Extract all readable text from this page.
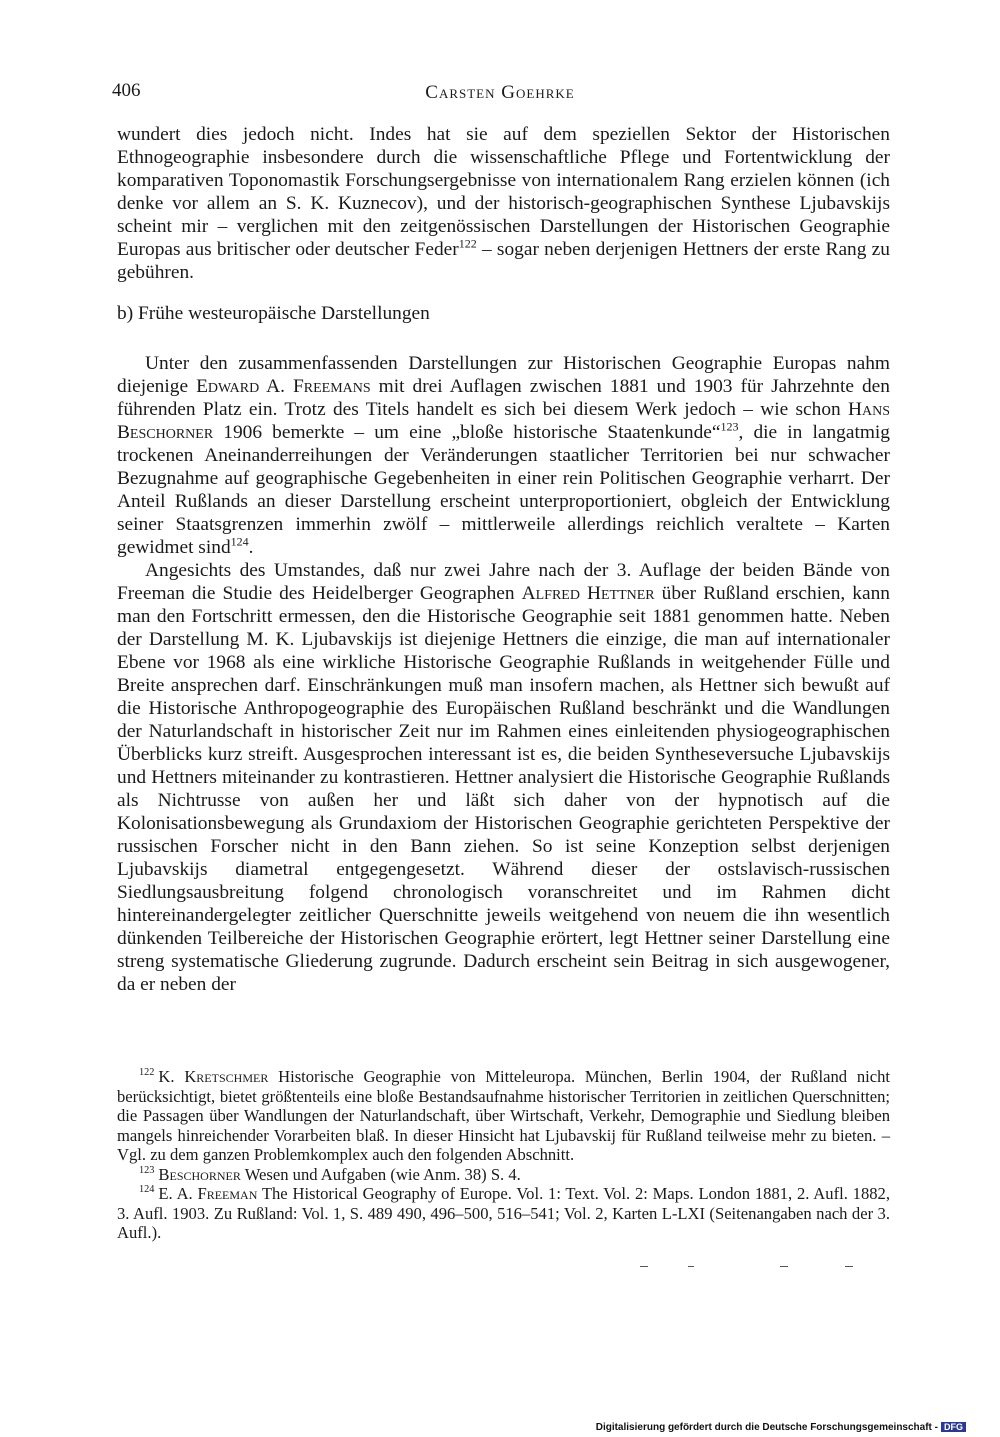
406	Carsten Goehrke

wundert dies jedoch nicht. Indes hat sie auf dem speziellen Sektor der Historischen Ethnogeographie insbesondere durch die wissenschaftliche Pflege und Fortentwicklung der komparativen Toponomastik Forschungsergebnisse von internationalem Rang erzielen können (ich denke vor allem an S. K. Kuznecov), und der historisch-geographischen Synthese Ljubavskijs scheint mir – verglichen mit den zeitgenössischen Darstellungen der Historischen Geographie Europas aus britischer oder deutscher Feder$^{122}$ – sogar neben derjenigen Hettners der erste Rang zu gebühren.

b) Frühe westeuropäische Darstellungen

Unter den zusammenfassenden Darstellungen zur Historischen Geographie Europas nahm diejenige Edward A. Freemans mit drei Auflagen zwischen 1881 und 1903 für Jahrzehnte den führenden Platz ein. Trotz des Titels handelt es sich bei diesem Werk jedoch – wie schon Hans Beschorner 1906 bemerkte – um eine „bloße historische Staatenkunde“$^{123}$, die in langatmig trockenen Aneinanderreihungen der Veränderungen staatlicher Territorien bei nur schwacher Bezugnahme auf geographische Gegebenheiten in einer rein Politischen Geographie verharrt. Der Anteil Rußlands an dieser Darstellung erscheint unterproportioniert, obgleich der Entwicklung seiner Staatsgrenzen immerhin zwölf – mittlerweile allerdings reichlich veraltete – Karten gewidmet sind$^{124}$.

Angesichts des Umstandes, daß nur zwei Jahre nach der 3. Auflage der beiden Bände von Freeman die Studie des Heidelberger Geographen Alfred Hettner über Rußland erschien, kann man den Fortschritt ermessen, den die Historische Geographie seit 1881 genommen hatte. Neben der Darstellung M. K. Ljubavskijs ist diejenige Hettners die einzige, die man auf internationaler Ebene vor 1968 als eine wirkliche Historische Geographie Rußlands in weitgehender Fülle und Breite ansprechen darf. Einschränkungen muß man insofern machen, als Hettner sich bewußt auf die Historische Anthropogeographie des Europäischen Rußland beschränkt und die Wandlungen der Naturlandschaft in historischer Zeit nur im Rahmen eines einleitenden physiogeographischen Überblicks kurz streift. Ausgesprochen interessant ist es, die beiden Syntheseversuche Ljubavskijs und Hettners miteinander zu kontrastieren. Hettner analysiert die Historische Geographie Rußlands als Nichtrusse von außen her und läßt sich daher von der hypnotisch auf die Kolonisationsbewegung als Grundaxiom der Historischen Geographie gerichteten Perspektive der russischen Forscher nicht in den Bann ziehen. So ist seine Konzeption selbst derjenigen Ljubavskijs diametral entgegengesetzt. Während dieser der ostslavisch-russischen Siedlungsausbreitung folgend chronologisch voranschreitet und im Rahmen dicht hintereinandergelegter zeitlicher Querschnitte jeweils weitgehend von neuem die ihn wesentlich dünkenden Teilbereiche der Historischen Geographie erörtert, legt Hettner seiner Darstellung eine streng systematische Gliederung zugrunde. Dadurch erscheint sein Beitrag in sich ausgewogener, da er neben der

$^{122}$ K. Kretschmer Historische Geographie von Mitteleuropa. München, Berlin 1904, der Rußland nicht berücksichtigt, bietet größtenteils eine bloße Bestandsaufnahme historischer Territorien in zeitlichen Querschnitten; die Passagen über Wandlungen der Naturlandschaft, über Wirtschaft, Verkehr, Demographie und Siedlung bleiben mangels hinreichender Vorarbeiten blaß. In dieser Hinsicht hat Ljubavskij für Rußland teilweise mehr zu bieten. – Vgl. zu dem ganzen Problemkomplex auch den folgenden Abschnitt.

$^{123}$ Beschorner Wesen und Aufgaben (wie Anm. 38) S. 4.

$^{124}$ E. A. Freeman The Historical Geography of Europe. Vol. 1: Text. Vol. 2: Maps. London 1881, 2. Aufl. 1882, 3. Aufl. 1903. Zu Rußland: Vol. 1, S. 489 490, 496–500, 516–541; Vol. 2, Karten L-LXI (Seitenangaben nach der 3. Aufl.).

Digitalisierung gefördert durch die Deutsche Forschungsgemeinschaft - DFG
